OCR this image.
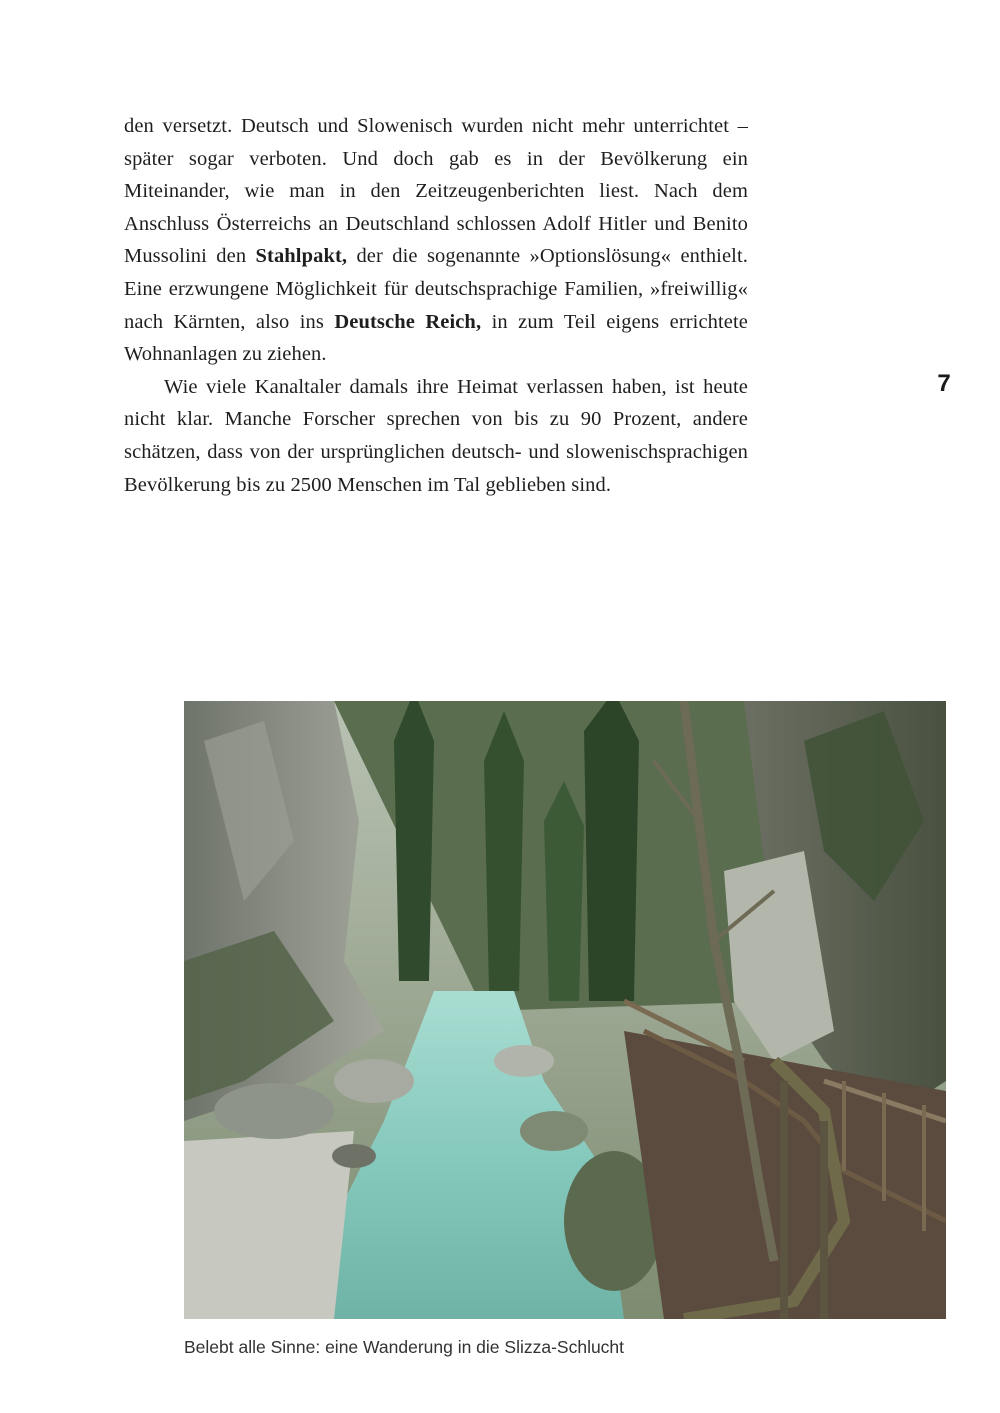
den versetzt. Deutsch und Slowenisch wurden nicht mehr unterrichtet – später sogar verboten. Und doch gab es in der Bevölkerung ein Miteinander, wie man in den Zeitzeugenberichten liest. Nach dem Anschluss Österreichs an Deutschland schlossen Adolf Hitler und Benito Mussolini den Stahlpakt, der die sogenannte »Optionslösung« enthielt. Eine erzwungene Möglichkeit für deutschsprachige Familien, »freiwillig« nach Kärnten, also ins Deutsche Reich, in zum Teil eigens errichtete Wohnanlagen zu ziehen.

Wie viele Kanaltaler damals ihre Heimat verlassen haben, ist heute nicht klar. Manche Forscher sprechen von bis zu 90 Prozent, andere schätzen, dass von der ursprünglichen deutsch- und slowenischsprachigen Bevölkerung bis zu 2500 Menschen im Tal geblieben sind.

7
Belebt alle Sinne: eine Wanderung in die Slizza-Schlucht
